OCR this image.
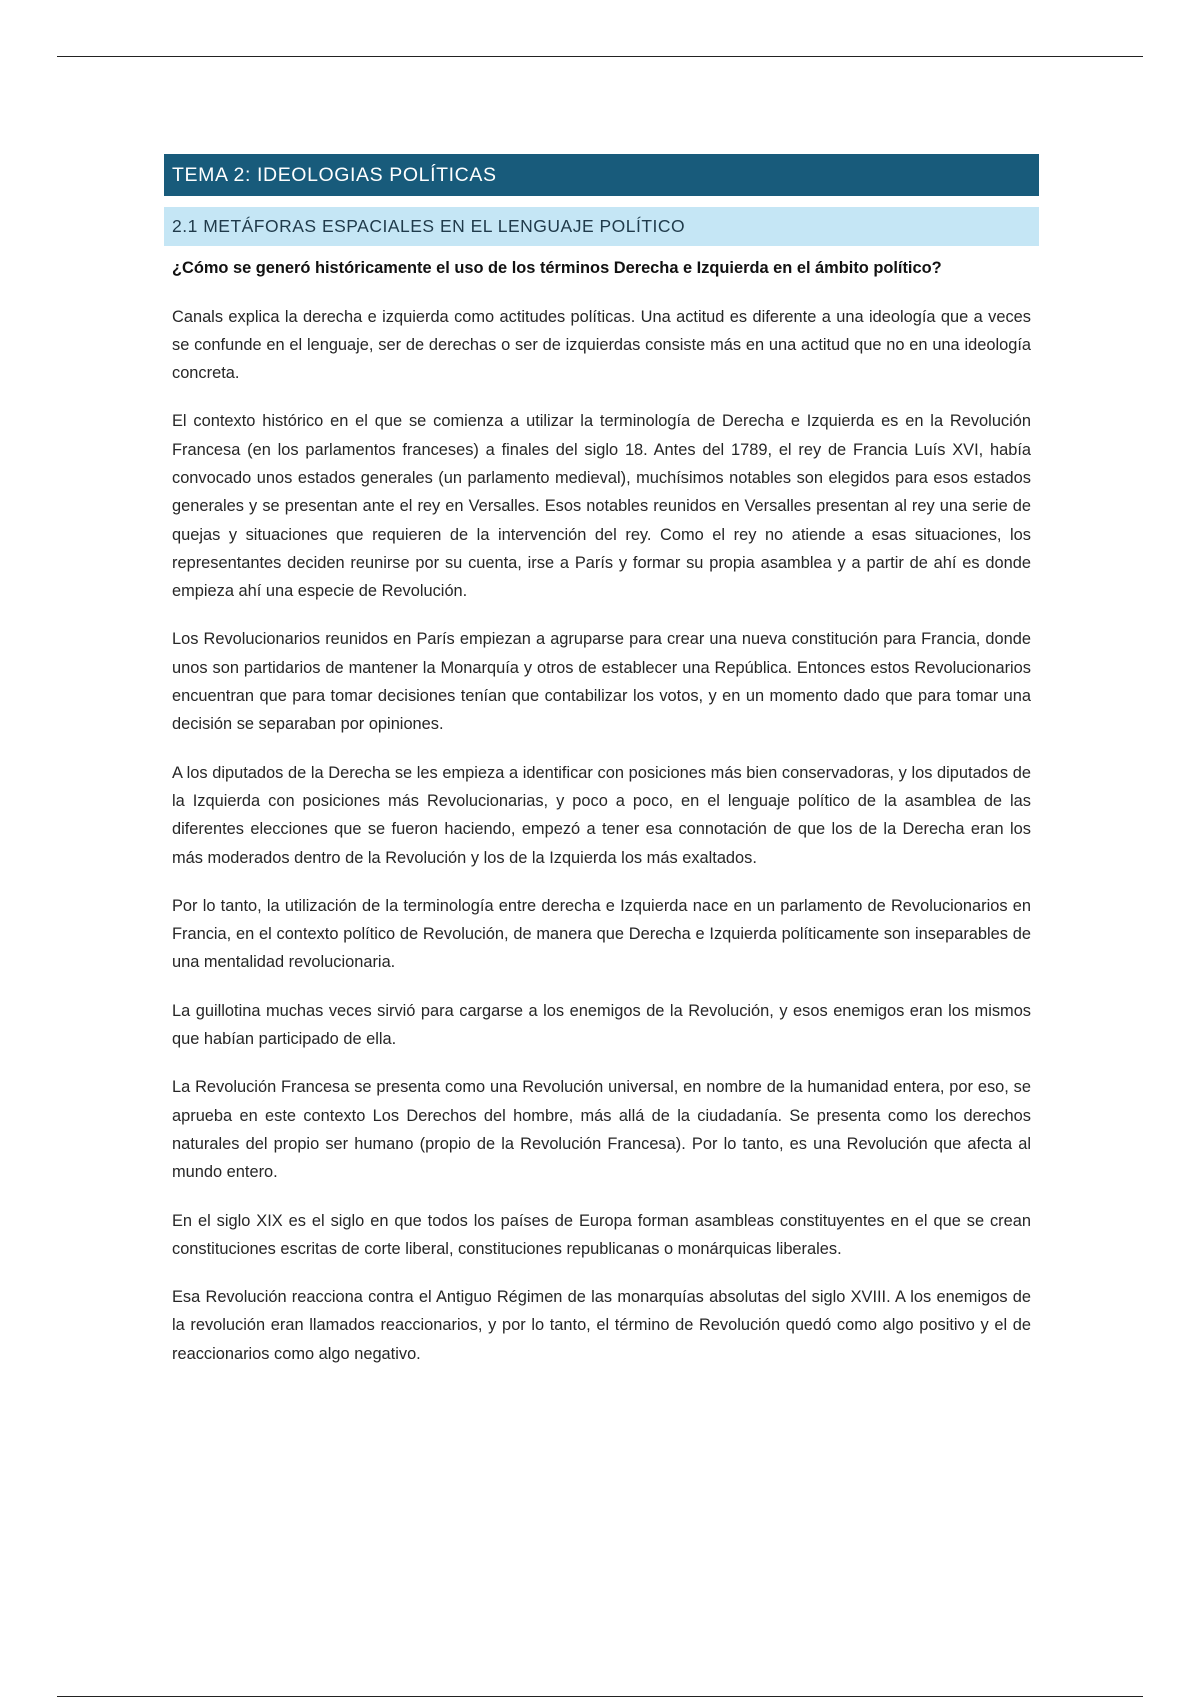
TEMA 2: IDEOLOGIAS POLÍTICAS
2.1 METÁFORAS ESPACIALES EN EL LENGUAJE POLÍTICO

¿Cómo se generó históricamente el uso de los términos Derecha e Izquierda en el ámbito político?

Canals explica la derecha e izquierda como actitudes políticas. Una actitud es diferente a una ideología que a veces se confunde en el lenguaje, ser de derechas o ser de izquierdas consiste más en una actitud que no en una ideología concreta.

El contexto histórico en el que se comienza a utilizar la terminología de Derecha e Izquierda es en la Revolución Francesa (en los parlamentos franceses) a finales del siglo 18. Antes del 1789, el rey de Francia Luís XVI, había convocado unos estados generales (un parlamento medieval), muchísimos notables son elegidos para esos estados generales y se presentan ante el rey en Versalles. Esos notables reunidos en Versalles presentan al rey una serie de quejas y situaciones que requieren de la intervención del rey. Como el rey no atiende a esas situaciones, los representantes deciden reunirse por su cuenta, irse a París y formar su propia asamblea y a partir de ahí es donde empieza ahí una especie de Revolución.

Los Revolucionarios reunidos en París empiezan a agruparse para crear una nueva constitución para Francia, donde unos son partidarios de mantener la Monarquía y otros de establecer una República. Entonces estos Revolucionarios encuentran que para tomar decisiones tenían que contabilizar los votos, y en un momento dado que para tomar una decisión se separaban por opiniones.

A los diputados de la Derecha se les empieza a identificar con posiciones más bien conservadoras, y los diputados de la Izquierda con posiciones más Revolucionarias, y poco a poco, en el lenguaje político de la asamblea de las diferentes elecciones que se fueron haciendo, empezó a tener esa connotación de que los de la Derecha eran los más moderados dentro de la Revolución y los de la Izquierda los más exaltados.

Por lo tanto, la utilización de la terminología entre derecha e Izquierda nace en un parlamento de Revolucionarios en Francia, en el contexto político de Revolución, de manera que Derecha e Izquierda políticamente son inseparables de una mentalidad revolucionaria.

La guillotina muchas veces sirvió para cargarse a los enemigos de la Revolución, y esos enemigos eran los mismos que habían participado de ella.

La Revolución Francesa se presenta como una Revolución universal, en nombre de la humanidad entera, por eso, se aprueba en este contexto Los Derechos del hombre, más allá de la ciudadanía. Se presenta como los derechos naturales del propio ser humano (propio de la Revolución Francesa). Por lo tanto, es una Revolución que afecta al mundo entero.

En el siglo XIX es el siglo en que todos los países de Europa forman asambleas constituyentes en el que se crean constituciones escritas de corte liberal, constituciones republicanas o monárquicas liberales.

Esa Revolución reacciona contra el Antiguo Régimen de las monarquías absolutas del siglo XVIII. A los enemigos de la revolución eran llamados reaccionarios, y por lo tanto, el término de Revolución quedó como algo positivo y el de reaccionarios como algo negativo.
